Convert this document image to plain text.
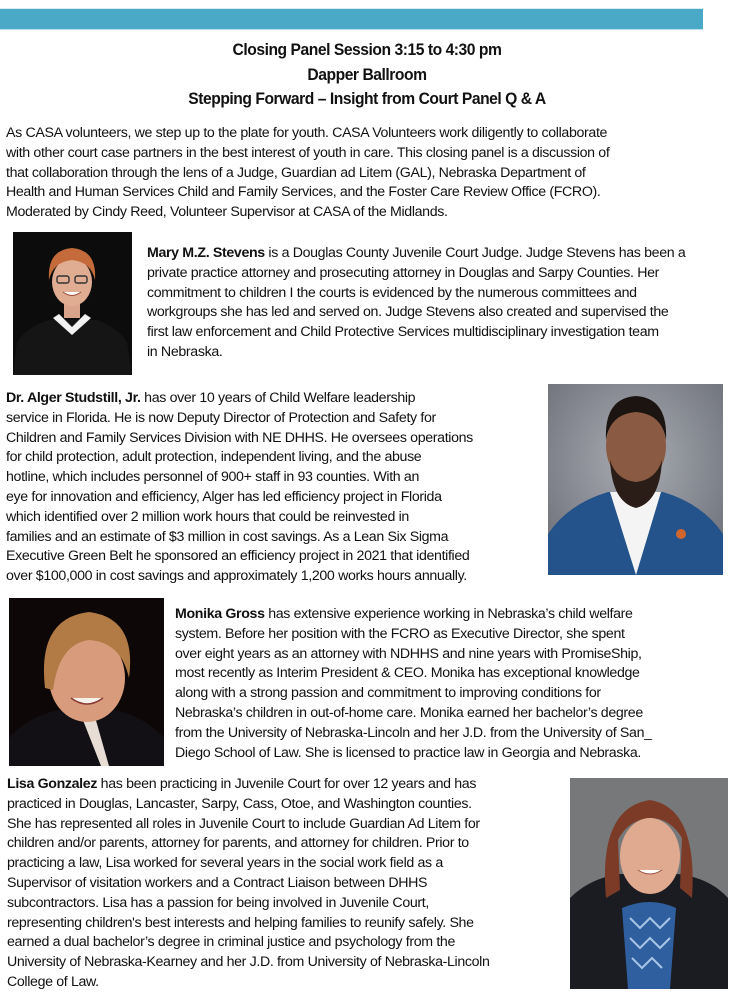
Closing Panel Session 3:15 to 4:30 pm
Dapper Ballroom
Stepping Forward – Insight from Court Panel Q & A
As CASA volunteers, we step up to the plate for youth. CASA Volunteers work diligently to collaborate
with other court case partners in the best interest of youth in care. This closing panel is a discussion of
that collaboration through the lens of a Judge, Guardian ad Litem (GAL), Nebraska Department of
Health and Human Services Child and Family Services, and the Foster Care Review Office (FCRO).
Moderated by Cindy Reed, Volunteer Supervisor at CASA of the Midlands.
Mary M.Z. Stevens is a Douglas County Juvenile Court Judge. Judge Stevens has been a
private practice attorney and prosecuting attorney in Douglas and Sarpy Counties. Her
commitment to children I the courts is evidenced by the numerous committees and
workgroups she has led and served on. Judge Stevens also created and supervised the
first law enforcement and Child Protective Services multidisciplinary investigation team
in Nebraska.
Dr. Alger Studstill, Jr. has over 10 years of Child Welfare leadership
service in Florida. He is now Deputy Director of Protection and Safety for
Children and Family Services Division with NE DHHS. He oversees operations
for child protection, adult protection, independent living, and the abuse
hotline, which includes personnel of 900+ staff in 93 counties. With an
eye for innovation and efficiency, Alger has led efficiency project in Florida
which identified over 2 million work hours that could be reinvested in
families and an estimate of $3 million in cost savings. As a Lean Six Sigma
Executive Green Belt he sponsored an efficiency project in 2021 that identified
over $100,000 in cost savings and approximately 1,200 works hours annually.
Monika Gross has extensive experience working in Nebraska’s child welfare
system. Before her position with the FCRO as Executive Director, she spent
over eight years as an attorney with NDHHS and nine years with PromiseShip,
most recently as Interim President & CEO. Monika has exceptional knowledge
along with a strong passion and commitment to improving conditions for
Nebraska’s children in out-of-home care. Monika earned her bachelor’s degree
from the University of Nebraska-Lincoln and her J.D. from the University of San_
Diego School of Law. She is licensed to practice law in Georgia and Nebraska.
Lisa Gonzalez has been practicing in Juvenile Court for over 12 years and has
practiced in Douglas, Lancaster, Sarpy, Cass, Otoe, and Washington counties.
She has represented all roles in Juvenile Court to include Guardian Ad Litem for
children and/or parents, attorney for parents, and attorney for children. Prior to
practicing a law, Lisa worked for several years in the social work field as a
Supervisor of visitation workers and a Contract Liaison between DHHS
subcontractors. Lisa has a passion for being involved in Juvenile Court,
representing children's best interests and helping families to reunify safely. She
earned a dual bachelor’s degree in criminal justice and psychology from the
University of Nebraska-Kearney and her J.D. from University of Nebraska-Lincoln
College of Law.
